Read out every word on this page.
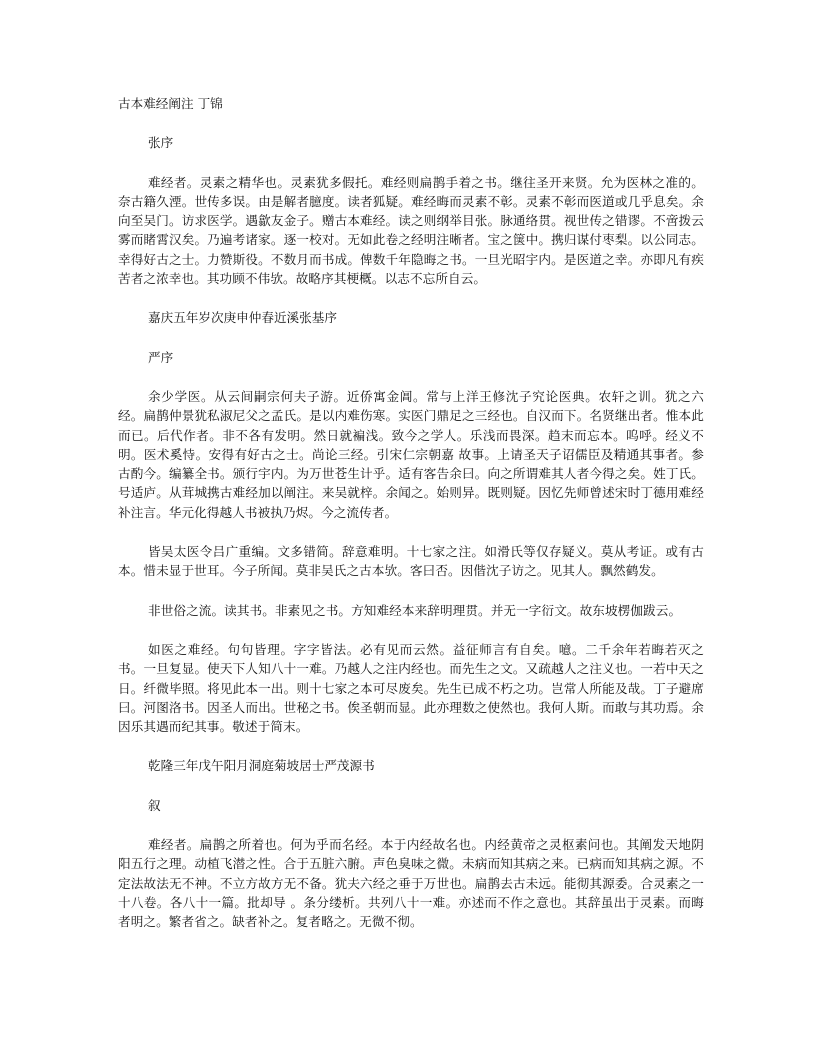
古本难经阐注 丁锦

张序

难经者。灵素之精华也。灵素犹多假托。难经则扁鹊手着之书。继往圣开来贤。允为医林之准的。奈古籍久湮。世传多误。由是解者臆度。读者狐疑。难经晦而灵素不彰。灵素不彰而医道或几乎息矣。余向至吴门。访求医学。遇歙友金子。赠古本难经。读之则纲举目张。脉通络贯。视世传之错谬。不啻拨云雾而睹霄汉矣。乃遍考诸家。逐一校对。无如此卷之经明注晰者。宝之箧中。携归谋付枣梨。以公同志。幸得好古之士。力赞斯役。不数月而书成。俾数千年隐晦之书。一旦光昭宇内。是医道之幸。亦即凡有疾苦者之浓幸也。其功顾不伟欤。故略序其梗概。以志不忘所自云。

嘉庆五年岁次庚申仲春近溪张基序

严序

余少学医。从云间嗣宗何夫子游。近侨寓金阊。常与上洋王修沈子究论医典。农轩之训。犹之六经。扁鹊仲景犹私淑尼父之孟氏。是以内难伤寒。实医门鼎足之三经也。自汉而下。名贤继出者。惟本此而已。后代作者。非不各有发明。然日就褊浅。致今之学人。乐浅而畏深。趋末而忘本。呜呼。经义不明。医术奚恃。安得有好古之士。尚论三经。引宋仁宗朝嘉 故事。上请圣天子诏儒臣及精通其事者。参古酌今。编纂全书。颁行宇内。为万世苍生计乎。适有客告余曰。向之所谓难其人者今得之矣。姓丁氏。号适庐。从茸城携古难经加以阐注。来吴就梓。余闻之。始则异。既则疑。因忆先师曾述宋时丁德用难经补注言。华元化得越人书被执乃烬。今之流传者。

皆吴太医令吕广重编。文多错简。辞意难明。十七家之注。如滑氏等仅存疑义。莫从考证。或有古本。惜未显于世耳。今子所闻。莫非吴氏之古本欤。客曰否。因偕沈子访之。见其人。飘然鹤发。

非世俗之流。读其书。非素见之书。方知难经本来辞明理贯。并无一字衍文。故东坡楞伽跋云。

如医之难经。句句皆理。字字皆法。必有见而云然。益征师言有自矣。噫。二千余年若晦若灭之书。一旦复显。使天下人知八十一难。乃越人之注内经也。而先生之文。又疏越人之注义也。一若中天之日。纤微毕照。将见此本一出。则十七家之本可尽废矣。先生已成不朽之功。岂常人所能及哉。丁子避席曰。河图洛书。因圣人而出。世秘之书。俟圣朝而显。此亦理数之使然也。我何人斯。而敢与其功焉。余因乐其遇而纪其事。敬述于简末。

乾隆三年戊午阳月洞庭菊坡居士严茂源书

叙

难经者。扁鹊之所着也。何为乎而名经。本于内经故名也。内经黄帝之灵枢素问也。其阐发天地阴阳五行之理。动植飞潜之性。合于五脏六腑。声色臭味之微。未病而知其病之来。已病而知其病之源。不定法故法无不神。不立方故方无不备。犹夫六经之垂于万世也。扁鹊去古未远。能彻其源委。合灵素之一十八卷。各八十一篇。批却导 。条分缕析。共列八十一难。亦述而不作之意也。其辞虽出于灵素。而晦者明之。繁者省之。缺者补之。复者略之。无微不彻。
